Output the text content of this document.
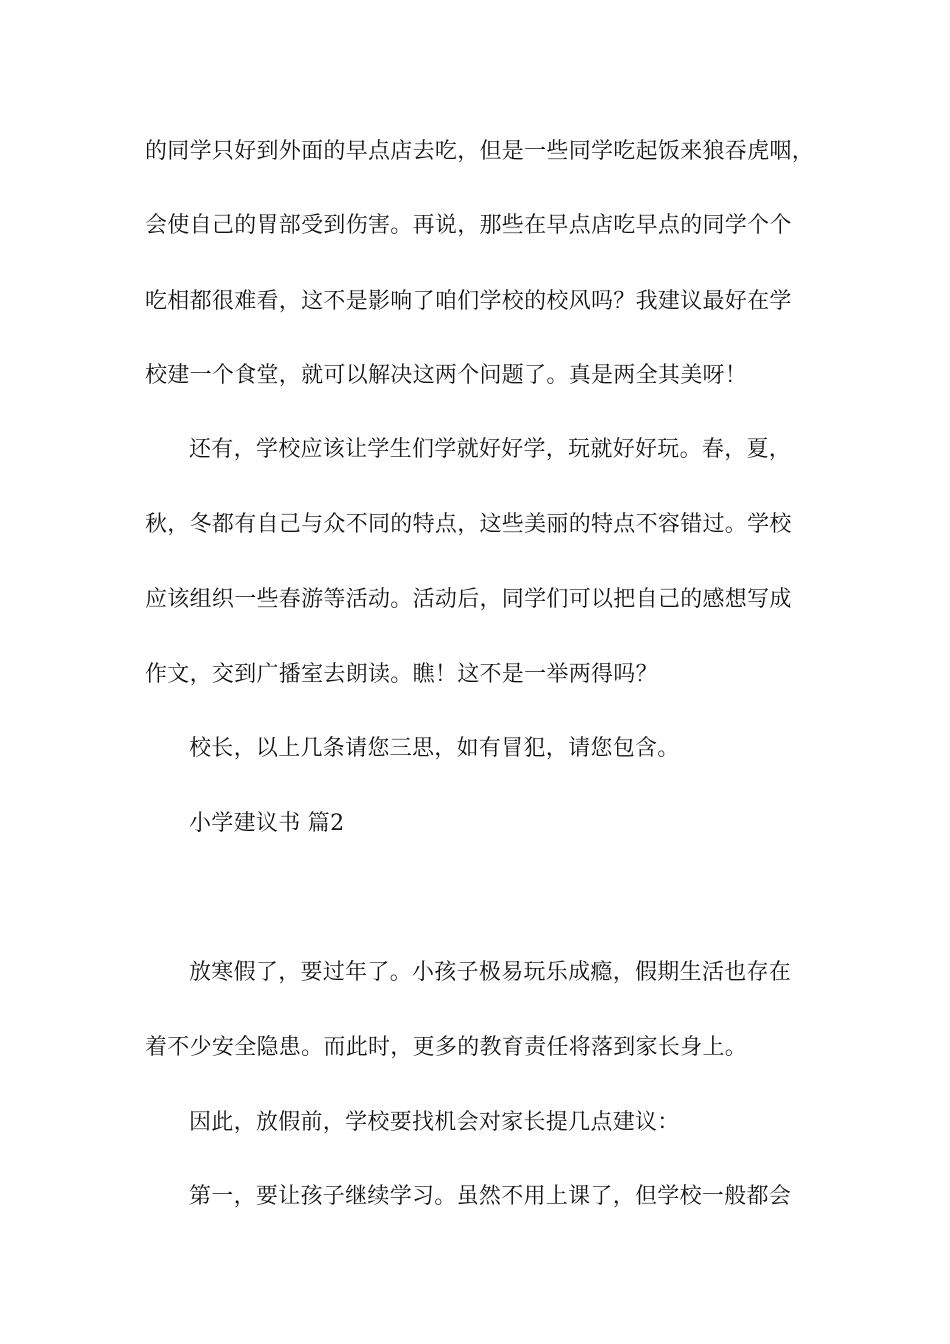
的同学只好到外面的早点店去吃，但是一些同学吃起饭来狼吞虎咽，
会使自己的胃部受到伤害。再说，那些在早点店吃早点的同学个个
吃相都很难看，这不是影响了咱们学校的校风吗？我建议最好在学
校建一个食堂，就可以解决这两个问题了。真是两全其美呀！
还有，学校应该让学生们学就好好学，玩就好好玩。春，夏，
秋，冬都有自己与众不同的特点，这些美丽的特点不容错过。学校
应该组织一些春游等活动。活动后，同学们可以把自己的感想写成
作文，交到广播室去朗读。瞧！这不是一举两得吗？
校长，以上几条请您三思，如有冒犯，请您包含。
小学建议书 篇2
放寒假了，要过年了。小孩子极易玩乐成瘾，假期生活也存在
着不少安全隐患。而此时，更多的教育责任将落到家长身上。
因此，放假前，学校要找机会对家长提几点建议：
第一，要让孩子继续学习。虽然不用上课了，但学校一般都会
